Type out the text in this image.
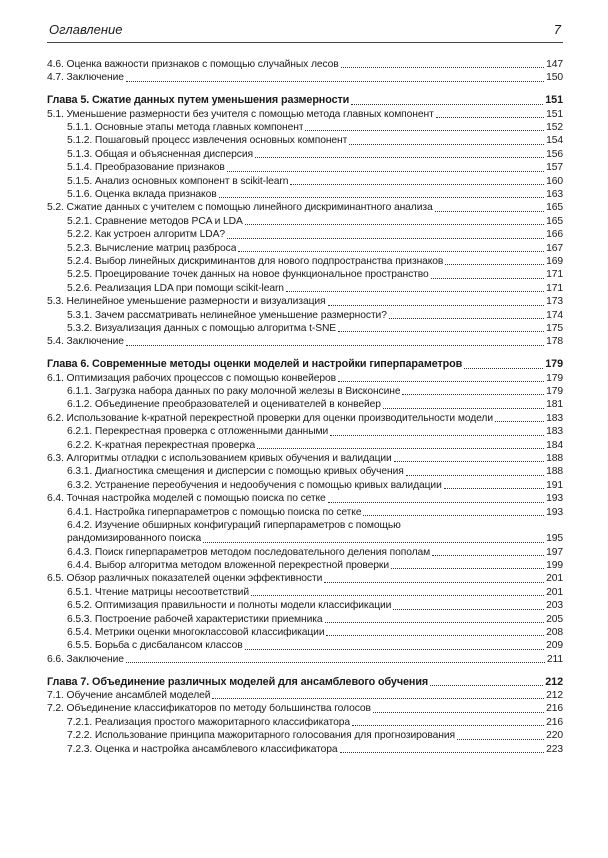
Оглавление	7
4.6. Оценка важности признаков с помощью случайных лесов	147
4.7. Заключение	150
Глава 5. Сжатие данных путем уменьшения размерности	151
5.1. Уменьшение размерности без учителя с помощью метода главных компонент	151
5.1.1. Основные этапы метода главных компонент	152
5.1.2. Пошаговый процесс извлечения основных компонент	154
5.1.3. Общая и объясненная дисперсия	156
5.1.4. Преобразование признаков	157
5.1.5. Анализ основных компонент в scikit-learn	160
5.1.6. Оценка вклада признаков	163
5.2. Сжатие данных с учителем с помощью линейного дискриминантного анализа	165
5.2.1. Сравнение методов PCA и LDA	165
5.2.2. Как устроен алгоритм LDA?	166
5.2.3. Вычисление матриц разброса	167
5.2.4. Выбор линейных дискриминантов для нового подпространства признаков	169
5.2.5. Проецирование точек данных на новое функциональное пространство	171
5.2.6. Реализация LDA при помощи scikit-learn	171
5.3. Нелинейное уменьшение размерности и визуализация	173
5.3.1. Зачем рассматривать нелинейное уменьшение размерности?	174
5.3.2. Визуализация данных с помощью алгоритма t-SNE	175
5.4. Заключение	178
Глава 6. Современные методы оценки моделей и настройки гиперпараметров	179
6.1. Оптимизация рабочих процессов с помощью конвейеров	179
6.1.1. Загрузка набора данных по раку молочной железы в Висконсине	179
6.1.2. Объединение преобразователей и оценивателей в конвейер	181
6.2. Использование k-кратной перекрестной проверки для оценки производительности модели	183
6.2.1. Перекрестная проверка с отложенными данными	183
6.2.2. K-кратная перекрестная проверка	184
6.3. Алгоритмы отладки с использованием кривых обучения и валидации	188
6.3.1. Диагностика смещения и дисперсии с помощью кривых обучения	188
6.3.2. Устранение переобучения и недообучения с помощью кривых валидации	191
6.4. Точная настройка моделей с помощью поиска по сетке	193
6.4.1. Настройка гиперпараметров с помощью поиска по сетке	193
6.4.2. Изучение обширных конфигураций гиперпараметров с помощью
рандомизированного поиска	195
6.4.3. Поиск гиперпараметров методом последовательного деления пополам	197
6.4.4. Выбор алгоритма методом вложенной перекрестной проверки	199
6.5. Обзор различных показателей оценки эффективности	201
6.5.1. Чтение матрицы несоответствий	201
6.5.2. Оптимизация правильности и полноты модели классификации	203
6.5.3. Построение рабочей характеристики приемника	205
6.5.4. Метрики оценки многоклассовой классификации	208
6.5.5. Борьба с дисбалансом классов	209
6.6. Заключение	211
Глава 7. Объединение различных моделей для ансамблевого обучения	212
7.1. Обучение ансамблей моделей	212
7.2. Объединение классификаторов по методу большинства голосов	216
7.2.1. Реализация простого мажоритарного классификатора	216
7.2.2. Использование принципа мажоритарного голосования для прогнозирования	220
7.2.3. Оценка и настройка ансамблевого классификатора	223
